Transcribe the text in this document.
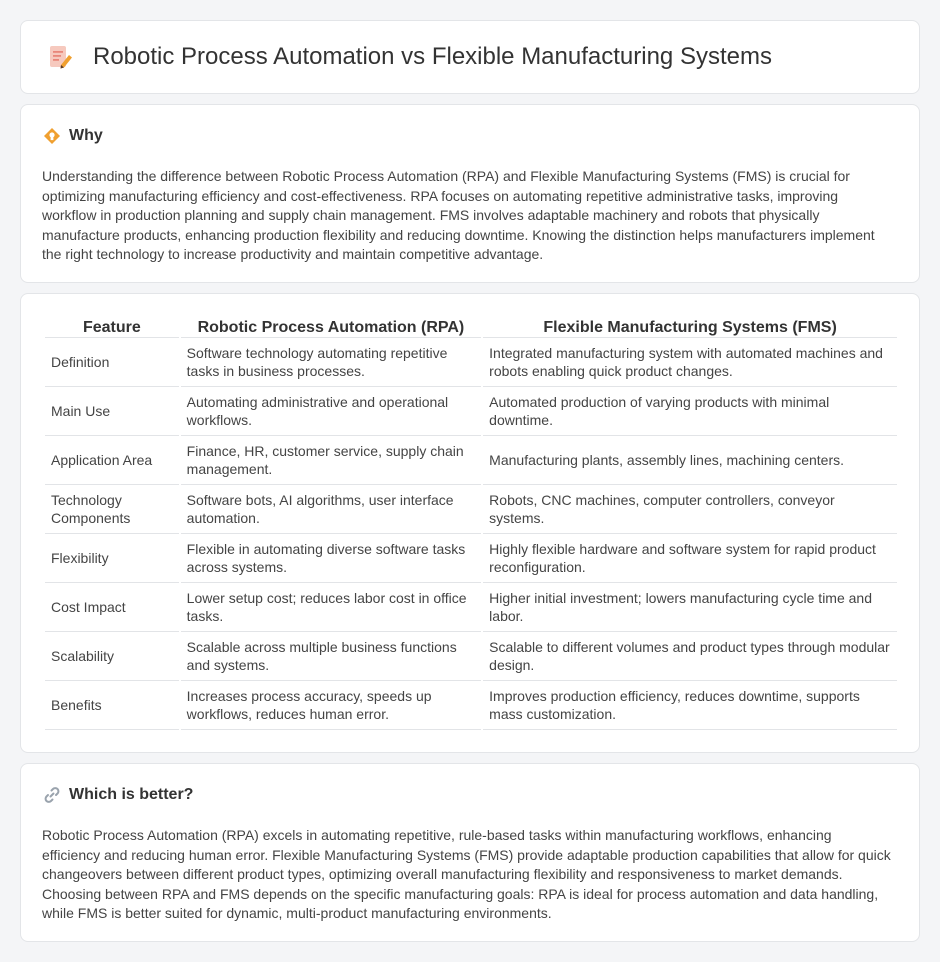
Robotic Process Automation vs Flexible Manufacturing Systems
Why

Understanding the difference between Robotic Process Automation (RPA) and Flexible Manufacturing Systems (FMS) is crucial for optimizing manufacturing efficiency and cost-effectiveness. RPA focuses on automating repetitive administrative tasks, improving workflow in production planning and supply chain management. FMS involves adaptable machinery and robots that physically manufacture products, enhancing production flexibility and reducing downtime. Knowing the distinction helps manufacturers implement the right technology to increase productivity and maintain competitive advantage.

Feature	Robotic Process Automation (RPA)	Flexible Manufacturing Systems (FMS)
Definition	Software technology automating repetitive tasks in business processes.	Integrated manufacturing system with automated machines and robots enabling quick product changes.
Main Use	Automating administrative and operational workflows.	Automated production of varying products with minimal downtime.
Application Area	Finance, HR, customer service, supply chain management.	Manufacturing plants, assembly lines, machining centers.
Technology Components	Software bots, AI algorithms, user interface automation.	Robots, CNC machines, computer controllers, conveyor systems.
Flexibility	Flexible in automating diverse software tasks across systems.	Highly flexible hardware and software system for rapid product reconfiguration.
Cost Impact	Lower setup cost; reduces labor cost in office tasks.	Higher initial investment; lowers manufacturing cycle time and labor.
Scalability	Scalable across multiple business functions and systems.	Scalable to different volumes and product types through modular design.
Benefits	Increases process accuracy, speeds up workflows, reduces human error.	Improves production efficiency, reduces downtime, supports mass customization.
Which is better?

Robotic Process Automation (RPA) excels in automating repetitive, rule-based tasks within manufacturing workflows, enhancing efficiency and reducing human error. Flexible Manufacturing Systems (FMS) provide adaptable production capabilities that allow for quick changeovers between different product types, optimizing overall manufacturing flexibility and responsiveness to market demands. Choosing between RPA and FMS depends on the specific manufacturing goals: RPA is ideal for process automation and data handling, while FMS is better suited for dynamic, multi-product manufacturing environments.
